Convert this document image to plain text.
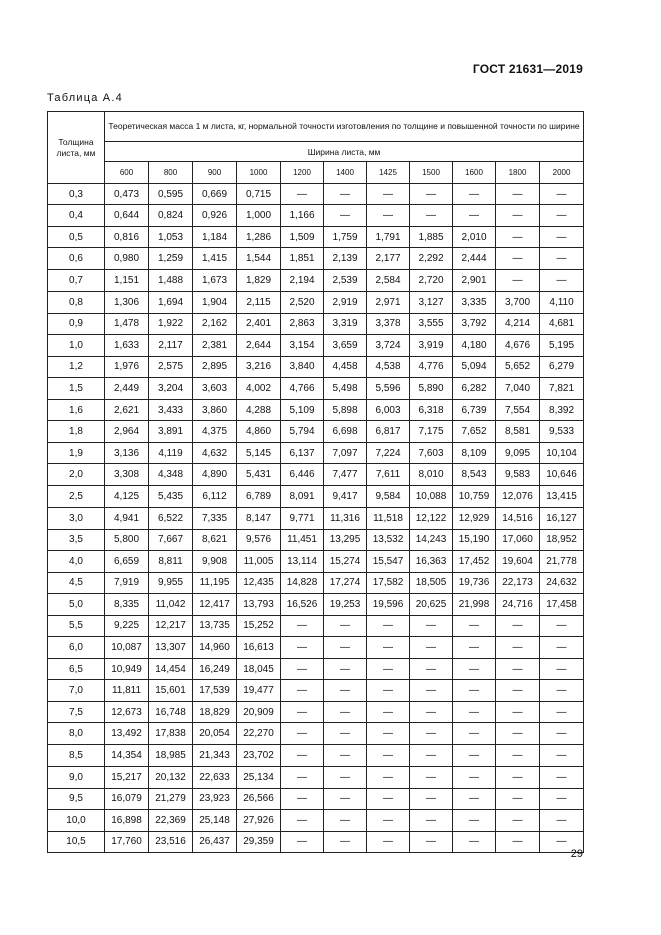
ГОСТ 21631—2019
Таблица А.4
Толщина листа, мм	Теоретическая масса 1 м листа, кг, нормальной точности изготовления по толщине и повышенной точности по ширине										
	Ширина листа, мм										
	600	800	900	1000	1200	1400	1425	1500	1600	1800	2000
0,3	0,473	0,595	0,669	0,715	—	—	—	—	—	—	—
0,4	0,644	0,824	0,926	1,000	1,166	—	—	—	—	—	—
0,5	0,816	1,053	1,184	1,286	1,509	1,759	1,791	1,885	2,010	—	—
0,6	0,980	1,259	1,415	1,544	1,851	2,139	2,177	2,292	2,444	—	—
0,7	1,151	1,488	1,673	1,829	2,194	2,539	2,584	2,720	2,901	—	—
0,8	1,306	1,694	1,904	2,115	2,520	2,919	2,971	3,127	3,335	3,700	4,110
0,9	1,478	1,922	2,162	2,401	2,863	3,319	3,378	3,555	3,792	4,214	4,681
1,0	1,633	2,117	2,381	2,644	3,154	3,659	3,724	3,919	4,180	4,676	5,195
1,2	1,976	2,575	2,895	3,216	3,840	4,458	4,538	4,776	5,094	5,652	6,279
1,5	2,449	3,204	3,603	4,002	4,766	5,498	5,596	5,890	6,282	7,040	7,821
1,6	2,621	3,433	3,860	4,288	5,109	5,898	6,003	6,318	6,739	7,554	8,392
1,8	2,964	3,891	4,375	4,860	5,794	6,698	6,817	7,175	7,652	8,581	9,533
1,9	3,136	4,119	4,632	5,145	6,137	7,097	7,224	7,603	8,109	9,095	10,104
2,0	3,308	4,348	4,890	5,431	6,446	7,477	7,611	8,010	8,543	9,583	10,646
2,5	4,125	5,435	6,112	6,789	8,091	9,417	9,584	10,088	10,759	12,076	13,415
3,0	4,941	6,522	7,335	8,147	9,771	11,316	11,518	12,122	12,929	14,516	16,127
3,5	5,800	7,667	8,621	9,576	11,451	13,295	13,532	14,243	15,190	17,060	18,952
4,0	6,659	8,811	9,908	11,005	13,114	15,274	15,547	16,363	17,452	19,604	21,778
4,5	7,919	9,955	11,195	12,435	14,828	17,274	17,582	18,505	19,736	22,173	24,632
5,0	8,335	11,042	12,417	13,793	16,526	19,253	19,596	20,625	21,998	24,716	17,458
5,5	9,225	12,217	13,735	15,252	—	—	—	—	—	—	—
6,0	10,087	13,307	14,960	16,613	—	—	—	—	—	—	—
6,5	10,949	14,454	16,249	18,045	—	—	—	—	—	—	—
7,0	11,811	15,601	17,539	19,477	—	—	—	—	—	—	—
7,5	12,673	16,748	18,829	20,909	—	—	—	—	—	—	—
8,0	13,492	17,838	20,054	22,270	—	—	—	—	—	—	—
8,5	14,354	18,985	21,343	23,702	—	—	—	—	—	—	—
9,0	15,217	20,132	22,633	25,134	—	—	—	—	—	—	—
9,5	16,079	21,279	23,923	26,566	—	—	—	—	—	—	—
10,0	16,898	22,369	25,148	27,926	—	—	—	—	—	—	—
10,5	17,760	23,516	26,437	29,359	—	—	—	—	—	—	—
29
